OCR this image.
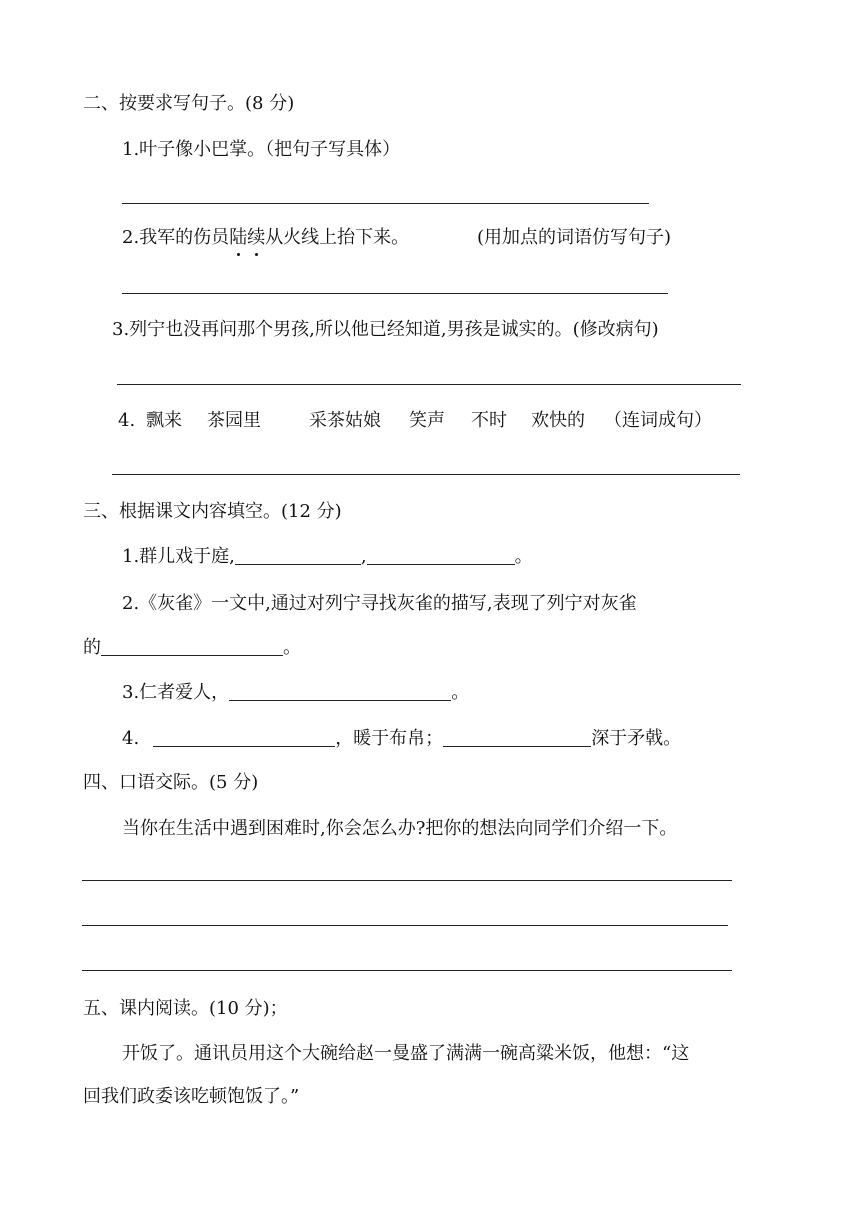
二、按要求写句子。(8 分)
1.叶子像小巴掌。（把句子写具体）
2.我军的伤员陆续从火线上抬下来。	(用加点的词语仿写句子)
3.列宁也没再问那个男孩,所以他已经知道,男孩是诚实的。(修改病句)
4. 飘来 茶园里	采茶姑娘 笑声 不时 欢快的 （连词成句）
三、根据课文内容填空。(12 分)
1.群儿戏于庭,	,	。
2.《灰雀》一文中,通过对列宁寻找灰雀的描写,表现了列宁对灰雀
的	。
3.仁者爱人，	。
4.	，暖于布帛；	深于矛戟。
四、口语交际。(5 分)
当你在生活中遇到困难时,你会怎么办?把你的想法向同学们介绍一下。
五、课内阅读。(10 分)；
开饭了。通讯员用这个大碗给赵一曼盛了满满一碗高粱米饭，他想：“这
回我们政委该吃顿饱饭了。”
